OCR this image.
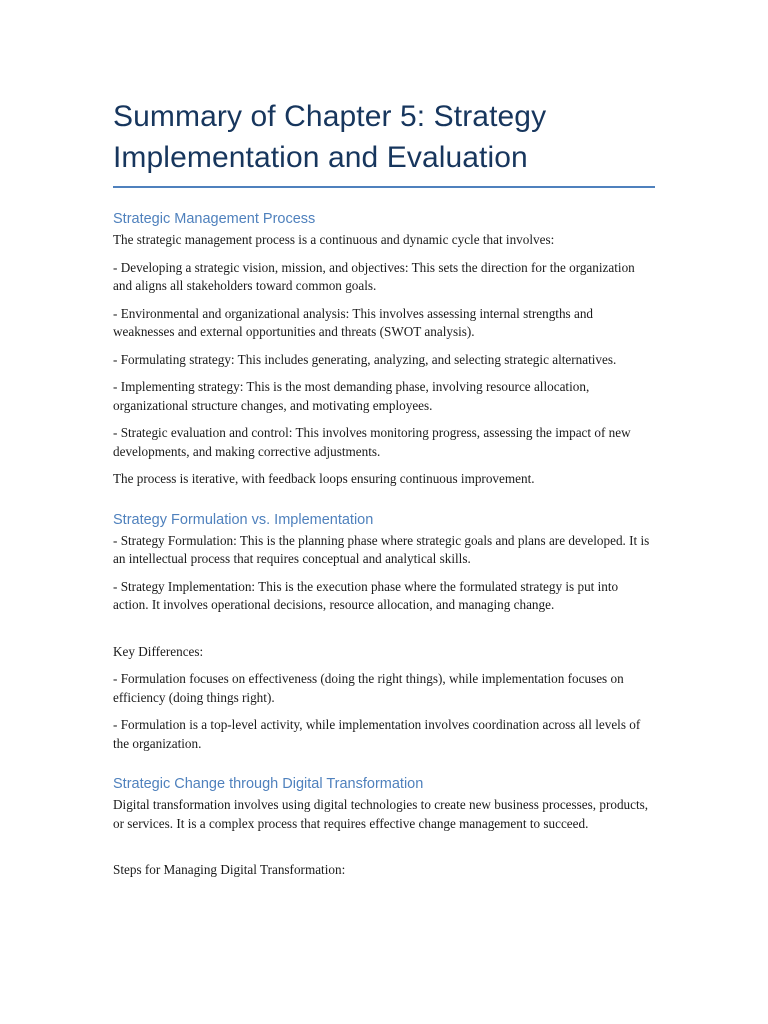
Summary of Chapter 5: Strategy Implementation and Evaluation
Strategic Management Process

The strategic management process is a continuous and dynamic cycle that involves:

- Developing a strategic vision, mission, and objectives: This sets the direction for the organization and aligns all stakeholders toward common goals.

- Environmental and organizational analysis: This involves assessing internal strengths and weaknesses and external opportunities and threats (SWOT analysis).

- Formulating strategy: This includes generating, analyzing, and selecting strategic alternatives.

- Implementing strategy: This is the most demanding phase, involving resource allocation, organizational structure changes, and motivating employees.

- Strategic evaluation and control: This involves monitoring progress, assessing the impact of new developments, and making corrective adjustments.

The process is iterative, with feedback loops ensuring continuous improvement.

Strategy Formulation vs. Implementation

- Strategy Formulation: This is the planning phase where strategic goals and plans are developed. It is an intellectual process that requires conceptual and analytical skills.

- Strategy Implementation: This is the execution phase where the formulated strategy is put into action. It involves operational decisions, resource allocation, and managing change.

Key Differences:

- Formulation focuses on effectiveness (doing the right things), while implementation focuses on efficiency (doing things right).

- Formulation is a top-level activity, while implementation involves coordination across all levels of the organization.

Strategic Change through Digital Transformation

Digital transformation involves using digital technologies to create new business processes, products, or services. It is a complex process that requires effective change management to succeed.

Steps for Managing Digital Transformation:
